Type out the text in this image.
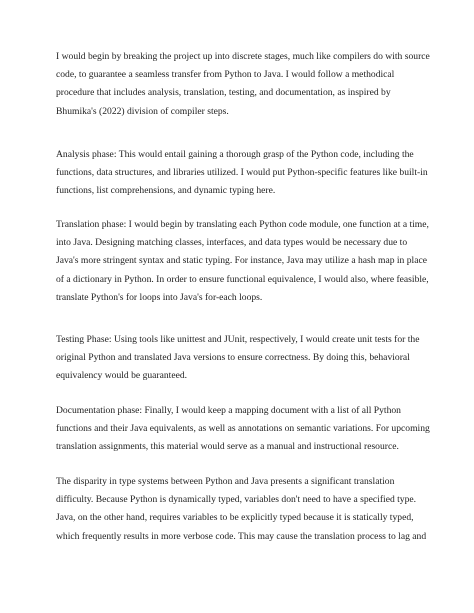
I would begin by breaking the project up into discrete stages, much like compilers do with source
code, to guarantee a seamless transfer from Python to Java. I would follow a methodical
procedure that includes analysis, translation, testing, and documentation, as inspired by
Bhumika's (2022) division of compiler steps.
Analysis phase: This would entail gaining a thorough grasp of the Python code, including the
functions, data structures, and libraries utilized. I would put Python-specific features like built-in
functions, list comprehensions, and dynamic typing here.
Translation phase: I would begin by translating each Python code module, one function at a time,
into Java. Designing matching classes, interfaces, and data types would be necessary due to
Java's more stringent syntax and static typing. For instance, Java may utilize a hash map in place
of a dictionary in Python. In order to ensure functional equivalence, I would also, where feasible,
translate Python's for loops into Java's for-each loops.
Testing Phase: Using tools like unittest and JUnit, respectively, I would create unit tests for the
original Python and translated Java versions to ensure correctness. By doing this, behavioral
equivalency would be guaranteed.
Documentation phase: Finally, I would keep a mapping document with a list of all Python
functions and their Java equivalents, as well as annotations on semantic variations. For upcoming
translation assignments, this material would serve as a manual and instructional resource.
The disparity in type systems between Python and Java presents a significant translation
difficulty. Because Python is dynamically typed, variables don't need to have a specified type.
Java, on the other hand, requires variables to be explicitly typed because it is statically typed,
which frequently results in more verbose code. This may cause the translation process to lag and
